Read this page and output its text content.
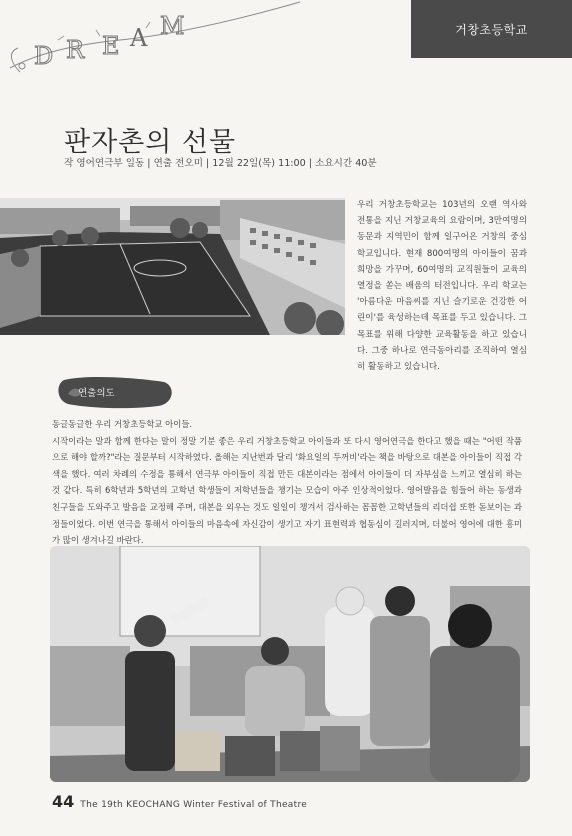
D R E A M	거창초등학교
판자촌의 선물
작 영어연극부 일동 | 연출 전오미 | 12월 22일(목) 11:00 | 소요시간 40분
우리 거창초등학교는 103년의 오랜 역사와 전통을 지닌 거창교육의 요람이며, 3만여명의 동문과 지역민이 함께 일구어온 거창의 중심학교입니다. 현재 800여명의 아이들이 꿈과 희망을 가꾸며, 60여명의 교직원들이 교육의 열정을 쏟는 배움의 터전입니다. 우리 학교는 '아름다운 마음씨를 지닌 슬기로운 건강한 어린이'를 육성하는데 목표를 두고 있습니다. 그 목표를 위해 다양한 교육활동을 하고 있습니다. 그중 하나로 연극동아리를 조직하여 열심히 활동하고 있습니다.
연출의도

동글동글한 우리 거창초등학교 아이들.

시작이라는 말과 함께 한다는 말이 정말 기분 좋은 우리 거창초등학교 아이들과 또 다시 영어연극을 한다고 했을 때는 "어떤 작품으로 해야 할까?"라는 질문부터 시작하였다. 올해는 지난번과 달리 '화요일의 두꺼비'라는 책을 바탕으로 대본을 아이들이 직접 각색을 했다. 여러 차례의 수정을 통해서 연극부 아이들이 직접 만든 대본이라는 점에서 아이들이 더 자부심을 느끼고 열심히 하는 것 같다. 특히 6학년과 5학년의 고학년 학생들이 저학년들을 챙기는 모습이 아주 인상적이었다. 영어발음을 힘들어 하는 동생과 친구들을 도와주고 발음을 교정해 주며, 대본을 외우는 것도 일일이 챙겨서 검사하는 꼼꼼한 고학년들의 리더쉽 또한 돋보이는 과정들이었다. 이번 연극을 통해서 아이들의 마음속에 자신감이 생기고 자기 표현력과 협동심이 길러지며, 더불어 영어에 대한 흥미가 많이 생겨나길 바란다.

44 The 19th KEOCHANG Winter Festival of Theatre
